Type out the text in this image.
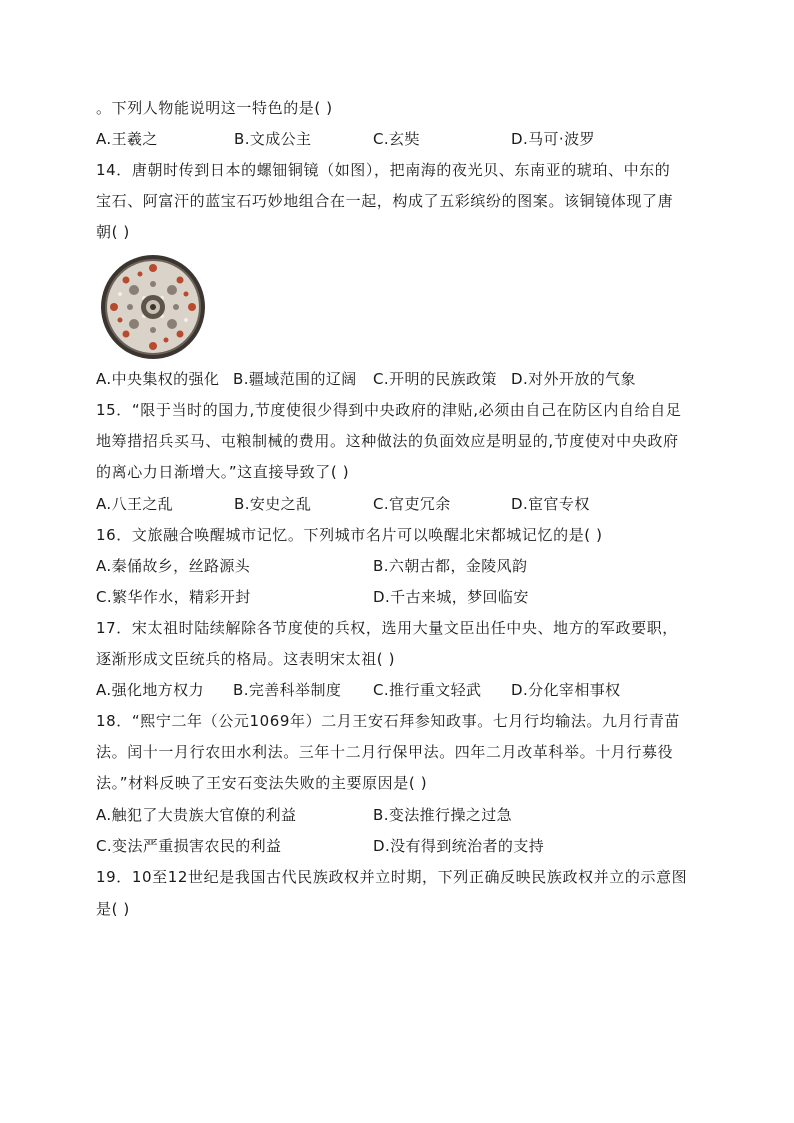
。下列人物能说明这一特色的是( )
A.王羲之	B.文成公主	C.玄奘	D.马可·波罗
14．唐朝时传到日本的螺钿铜镜（如图），把南海的夜光贝、东南亚的琥珀、中东的
宝石、阿富汗的蓝宝石巧妙地组合在一起，构成了五彩缤纷的图案。该铜镜体现了唐
朝( )
A.中央集权的强化 B.疆域范围的辽阔 C.开明的民族政策 D.对外开放的气象
15．“限于当时的国力,节度使很少得到中央政府的津贴,必须由自己在防区内自给自足
地筹措招兵买马、屯粮制械的费用。这种做法的负面效应是明显的,节度使对中央政府
的离心力日渐增大。”这直接导致了( )
A.八王之乱	B.安史之乱	C.官吏冗余	D.宦官专权
16．文旅融合唤醒城市记忆。下列城市名片可以唤醒北宋都城记忆的是( )
A.秦俑故乡，丝路源头	B.六朝古都，金陵风韵
C.繁华作水，精彩开封	D.千古来城，梦回临安
17．宋太祖时陆续解除各节度使的兵权，选用大量文臣出任中央、地方的军政要职，
逐渐形成文臣统兵的格局。这表明宋太祖( )
A.强化地方权力 B.完善科举制度 C.推行重文轻武 D.分化宰相事权
18．“熙宁二年（公元1069年）二月王安石拜参知政事。七月行均输法。九月行青苗
法。闰十一月行农田水利法。三年十二月行保甲法。四年二月改革科举。十月行募役
法。”材料反映了王安石变法失败的主要原因是( )
A.触犯了大贵族大官僚的利益	B.变法推行操之过急
C.变法严重损害农民的利益	D.没有得到统治者的支持
19．10至12世纪是我国古代民族政权并立时期，下列正确反映民族政权并立的示意图
是( )
